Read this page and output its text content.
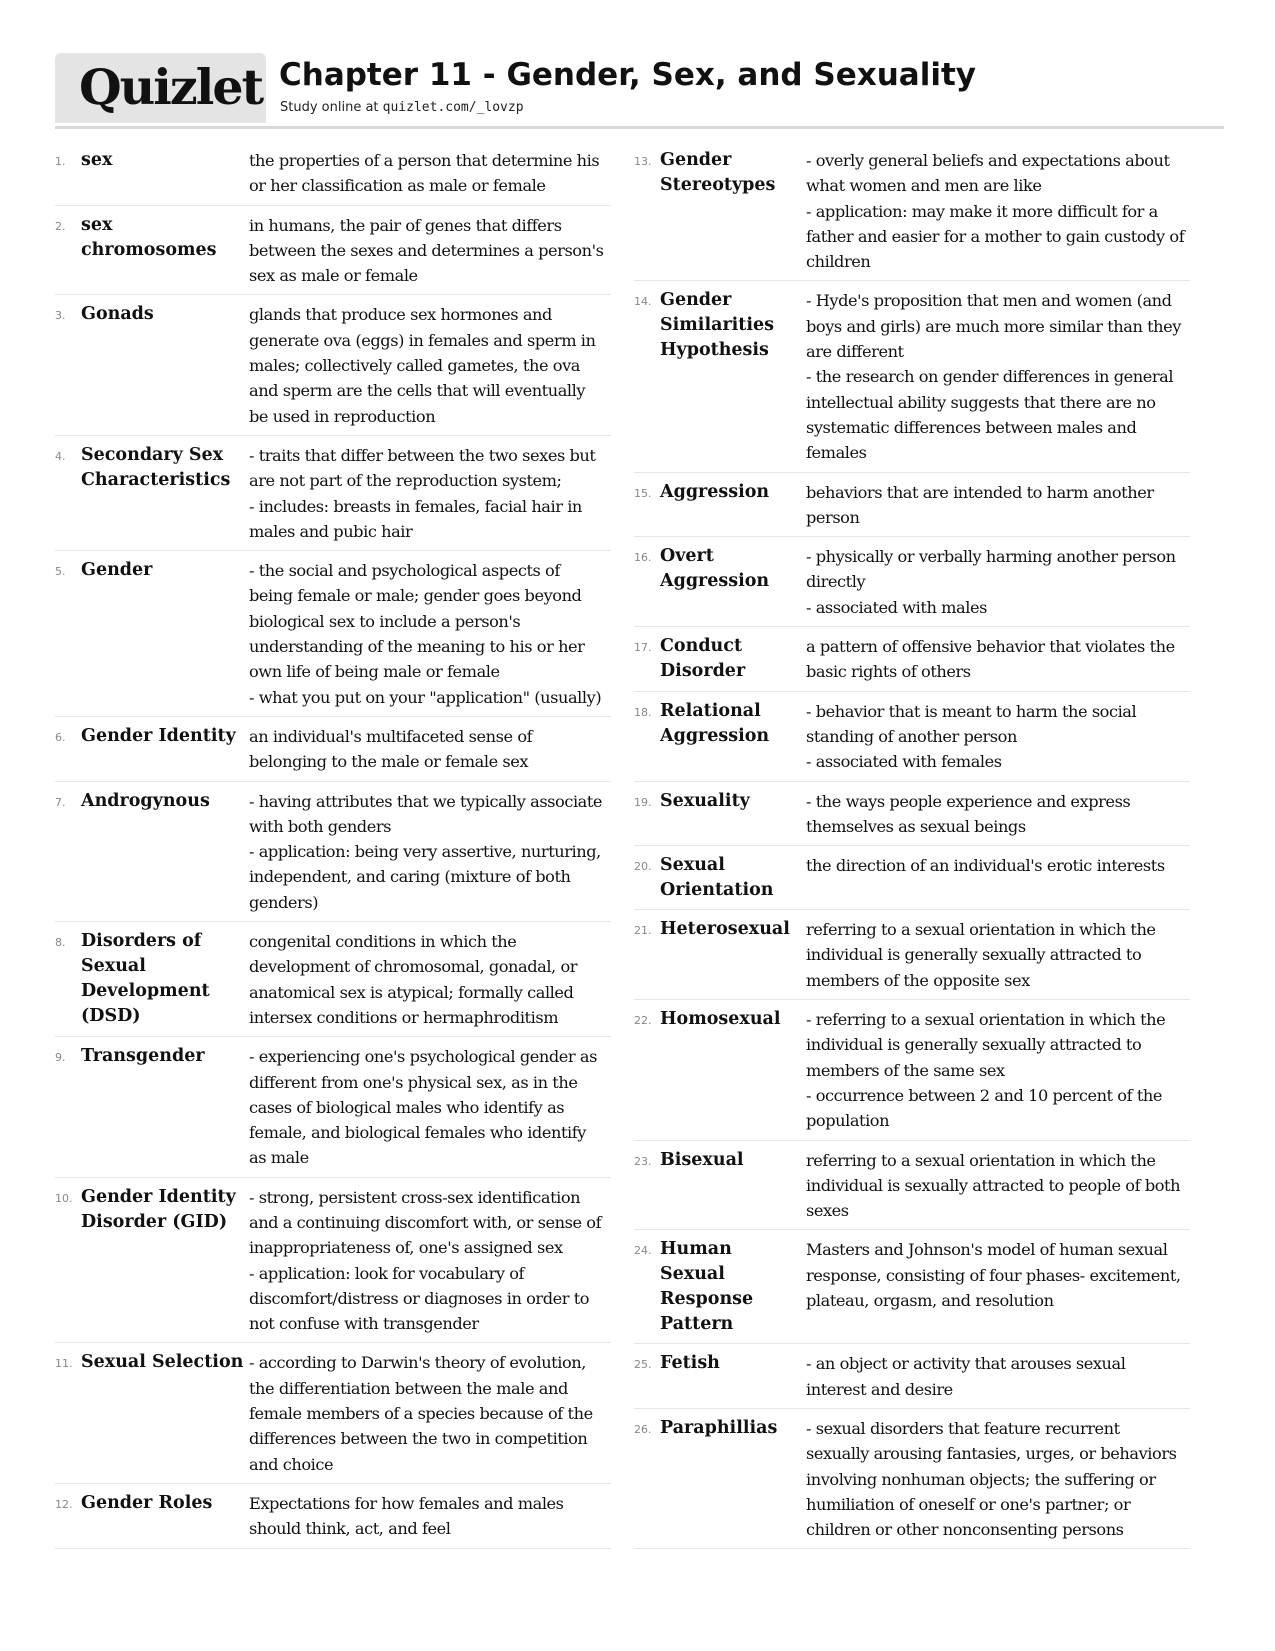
Quizlet Chapter 11 - Gender, Sex, and Sexuality
Study online at quizlet.com/_lovzp
1. sex	the properties of a person that determine his or her classification as male or female
2. sex chromosomes
in humans, the pair of genes that differs between the sexes and determines a person's sex as male or female
3. Gonads	glands that produce sex hormones and generate ova (eggs) in females and sperm in males; collectively called gametes, the ova and sperm are the cells that will eventually be used in reproduction
4. Secondary Sex Characteristics
- traits that differ between the two sexes but are not part of the reproduction system;
- includes: breasts in females, facial hair in males and pubic hair
5. Gender	- the social and psychological aspects of being female or male; gender goes beyond biological sex to include a person's understanding of the meaning to his or her own life of being male or female
- what you put on your "application" (usually)
6. Gender Identity an individual's multifaceted sense of belonging to the male or female sex
7. Androgynous	- having attributes that we typically associate with both genders
- application: being very assertive, nurturing, independent, and caring (mixture of both genders)
8. Disorders of Sexual Development (DSD)
congenital conditions in which the development of chromosomal, gonadal, or anatomical sex is atypical; formally called intersex conditions or hermaphroditism
9. Transgender	- experiencing one's psychological gender as different from one's physical sex, as in the cases of biological males who identify as female, and biological females who identify as male
10. Gender Identity Disorder (GID)
- strong, persistent cross-sex identification and a continuing discomfort with, or sense of inappropriateness of, one's assigned sex
- application: look for vocabulary of discomfort/distress or diagnoses in order to not confuse with transgender
11. Sexual Selection - according to Darwin's theory of evolution, the differentiation between the male and female members of a species because of the differences between the two in competition and choice
12. Gender Roles	Expectations for how females and males should think, act, and feel
13. Gender Stereotypes
- overly general beliefs and expectations about what women and men are like
- application: may make it more difficult for a father and easier for a mother to gain custody of children
14. Gender Similarities Hypothesis
- Hyde's proposition that men and women (and boys and girls) are much more similar than they are different
- the research on gender differences in general intellectual ability suggests that there are no systematic differences between males and females
15. Aggression	behaviors that are intended to harm another person
16. Overt Aggression
- physically or verbally harming another person directly
- associated with males
17. Conduct Disorder
a pattern of offensive behavior that violates the basic rights of others
18. Relational Aggression
- behavior that is meant to harm the social standing of another person
- associated with females
19. Sexuality	- the ways people experience and express themselves as sexual beings
20. Sexual Orientation
the direction of an individual's erotic interests
21. Heterosexual referring to a sexual orientation in which the individual is generally sexually attracted to members of the opposite sex
22. Homosexual	- referring to a sexual orientation in which the individual is generally sexually attracted to members of the same sex
- occurrence between 2 and 10 percent of the population
23. Bisexual	referring to a sexual orientation in which the individual is sexually attracted to people of both sexes
24. Human Sexual Response Pattern
Masters and Johnson's model of human sexual response, consisting of four phases- excitement, plateau, orgasm, and resolution
25. Fetish	- an object or activity that arouses sexual interest and desire
26. Paraphillias	- sexual disorders that feature recurrent sexually arousing fantasies, urges, or behaviors involving nonhuman objects; the suffering or humiliation of oneself or one's partner; or children or other nonconsenting persons
